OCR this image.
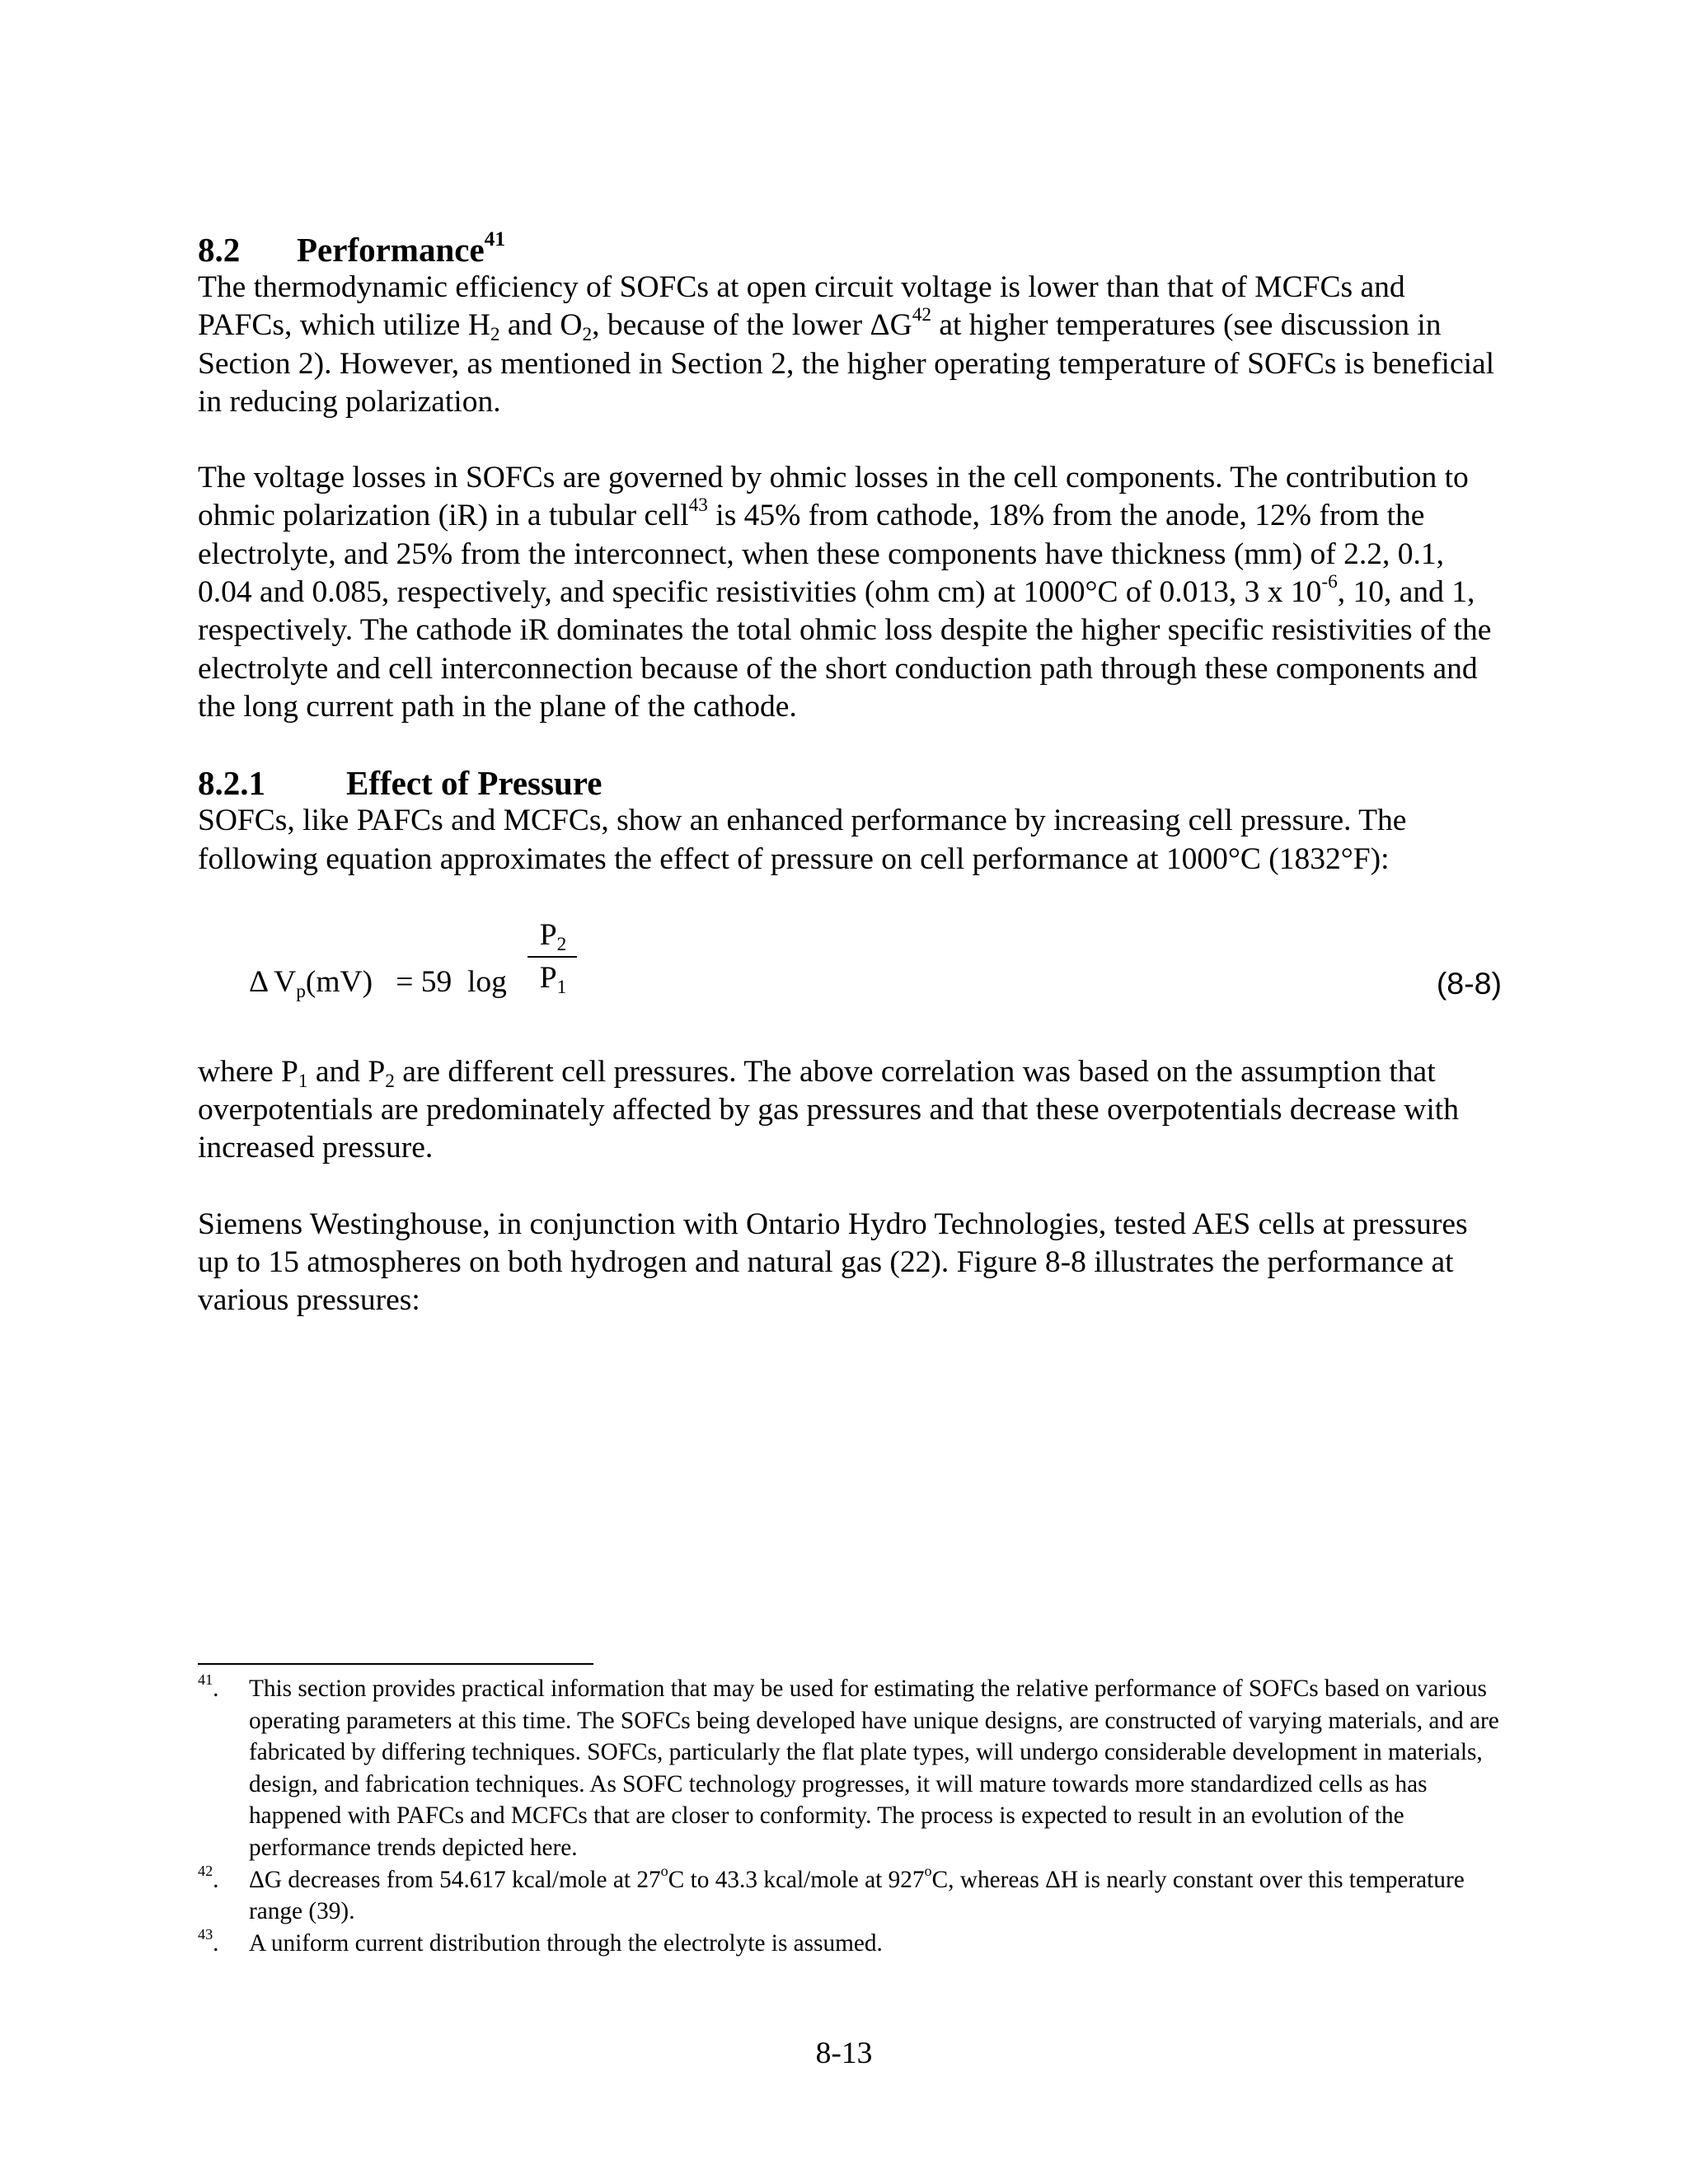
8.2 Performance$^{41}$

The thermodynamic efficiency of SOFCs at open circuit voltage is lower than that of MCFCs and PAFCs, which utilize $H_2$ and $O_2$, because of the lower ΔG$^{42}$ at higher temperatures (see discussion in Section 2). However, as mentioned in Section 2, the higher operating temperature of SOFCs is beneficial in reducing polarization.

The voltage losses in SOFCs are governed by ohmic losses in the cell components. The contribution to ohmic polarization (iR) in a tubular cell$^{43}$ is 45% from cathode, 18% from the anode, 12% from the electrolyte, and 25% from the interconnect, when these components have thickness (mm) of 2.2, 0.1, 0.04 and 0.085, respectively, and specific resistivities (ohm cm) at 1000°C of 0.013, 3 x $10^{-6}$, 10, and 1, respectively. The cathode iR dominates the total ohmic loss despite the higher specific resistivities of the electrolyte and cell interconnection because of the short conduction path through these components and the long current path in the plane of the cathode.

8.2.1 Effect of Pressure

SOFCs, like PAFCs and MCFCs, show an enhanced performance by increasing cell pressure. The following equation approximates the effect of pressure on cell performance at 1000°C (1832°F):

Δ $V_p(mV) = 59$ log
$P_2$
$P_1$	(8-8)

where $P_1$ and $P_2$ are different cell pressures. The above correlation was based on the assumption that overpotentials are predominately affected by gas pressures and that these overpotentials decrease with increased pressure.

Siemens Westinghouse, in conjunction with Ontario Hydro Technologies, tested AES cells at pressures up to 15 atmospheres on both hydrogen and natural gas (22). Figure 8-8 illustrates the performance at various pressures:

$^{41}$. This section provides practical information that may be used for estimating the relative performance of SOFCs based on various operating parameters at this time. The SOFCs being developed have unique designs, are constructed of varying materials, and are fabricated by differing techniques. SOFCs, particularly the flat plate types, will undergo considerable development in materials, design, and fabrication techniques. As SOFC technology progresses, it will mature towards more standardized cells as has happened with PAFCs and MCFCs that are closer to conformity. The process is expected to result in an evolution of the performance trends depicted here.

$^{42}$. ΔG decreases from 54.617 kcal/mole at 27$^o$C to 43.3 kcal/mole at 927$^o$C, whereas ΔH is nearly constant over this temperature range (39).

$^{43}$. A uniform current distribution through the electrolyte is assumed.

8-13
